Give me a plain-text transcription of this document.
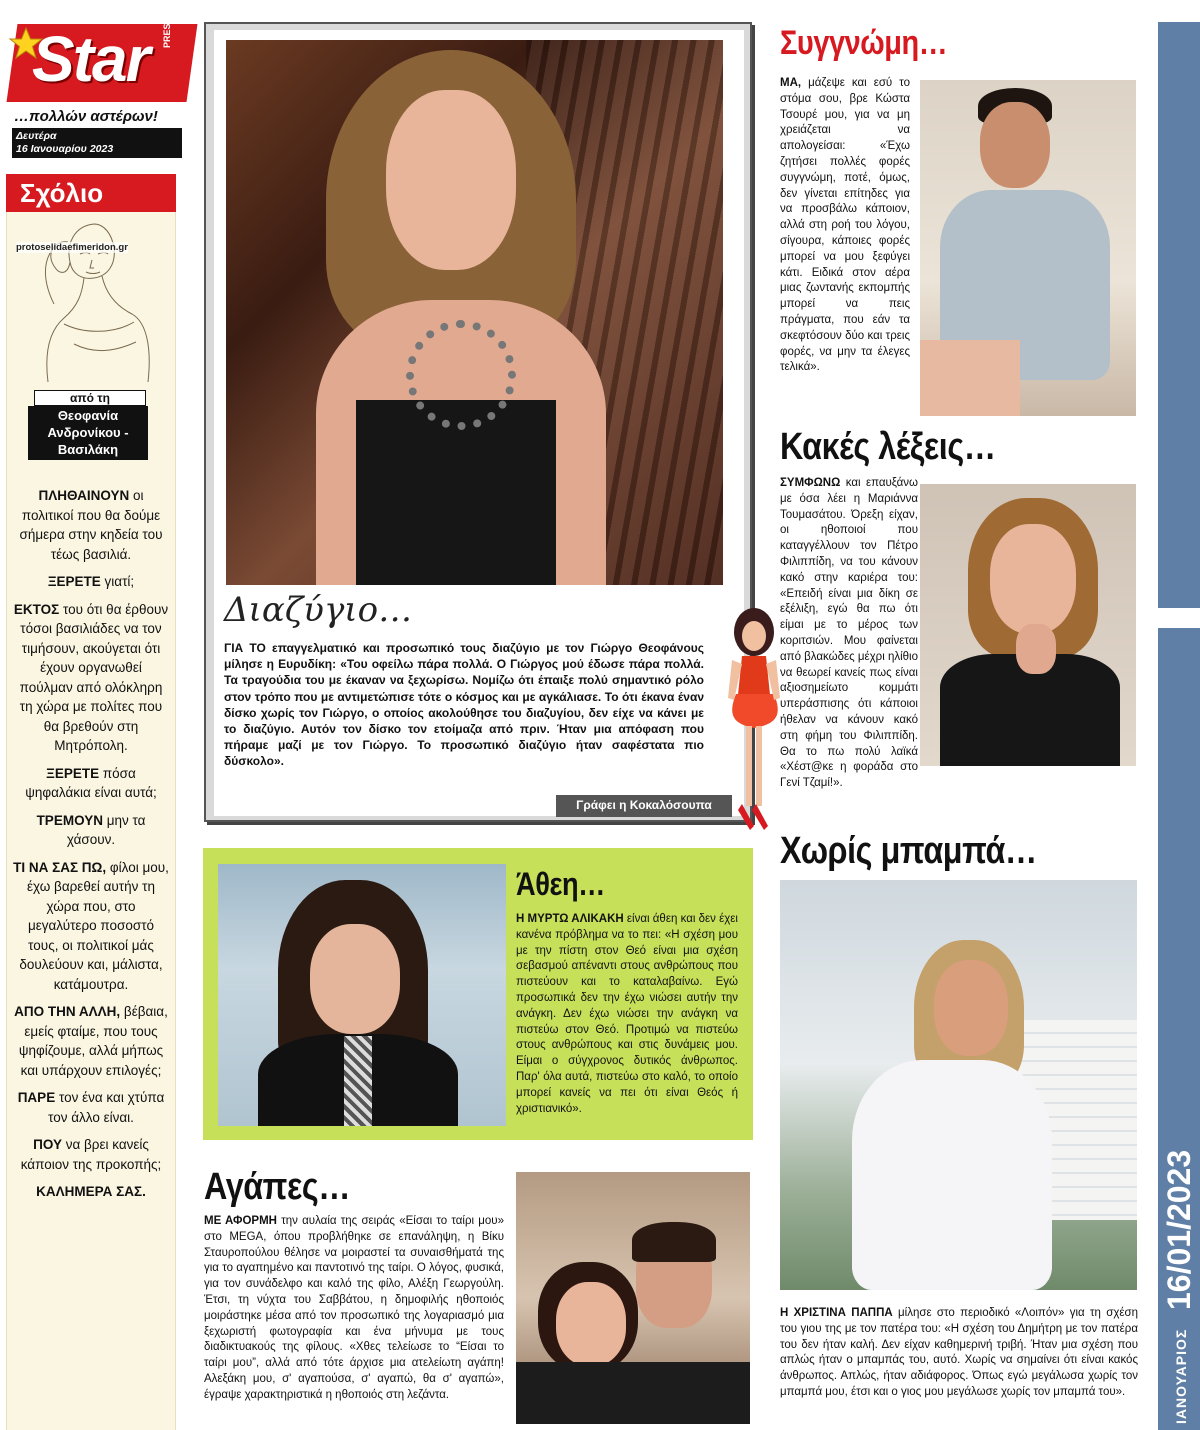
Star PRESS
…πολλών αστέρων!
Δευτέρα
16 Ιανουαρίου 2023
Σχόλιο
protoselidaefimeridon.gr
από τη
Θεοφανία
Ανδρονίκου -
Βασιλάκη

ΠΛΗΘΑΙΝΟΥΝ οι πολιτικοί που θα δούμε σήμερα στην κηδεία του τέως βασιλιά.

ΞΕΡΕΤΕ γιατί;

ΕΚΤΟΣ του ότι θα έρθουν τόσοι βασιλιάδες να τον τιμήσουν, ακούγεται ότι έχουν οργανωθεί πούλμαν από ολόκληρη τη χώρα με πολίτες που θα βρεθούν στη Μητρόπολη.

ΞΕΡΕΤΕ πόσα ψηφαλάκια είναι αυτά;

ΤΡΕΜΟΥΝ μην τα χάσουν.

ΤΙ ΝΑ ΣΑΣ ΠΩ, φίλοι μου, έχω βαρεθεί αυτήν τη χώρα που, στο μεγαλύτερο ποσοστό τους, οι πολιτικοί μάς δουλεύουν και, μάλιστα, κατάμουτρα.

ΑΠΟ ΤΗΝ ΑΛΛΗ, βέβαια, εμείς φταίμε, που τους ψηφίζουμε, αλλά μήπως και υπάρχουν επιλογές;

ΠΑΡΕ τον ένα και χτύπα τον άλλο είναι.

ΠΟΥ να βρει κανείς κάποιον της προκοπής;

ΚΑΛΗΜΕΡΑ ΣΑΣ.

Διαζύγιο…
ΓΙΑ ΤΟ επαγγελματικό και προσωπικό τους διαζύγιο με τον Γιώργο Θεοφάνους μίλησε η Ευρυδίκη: «Του οφείλω πάρα πολλά. Ο Γιώργος μού έδωσε πάρα πολλά. Τα τραγούδια του με έκαναν να ξεχωρίσω. Νομίζω ότι έπαιξε πολύ σημαντικό ρόλο στον τρόπο που με αντιμετώπισε τότε ο κόσμος και με αγκάλιασε. Το ότι έκανα έναν δίσκο χωρίς τον Γιώργο, ο οποίος ακολούθησε του διαζυγίου, δεν είχε να κάνει με το διαζύγιο. Αυτόν τον δίσκο τον ετοίμαζα από πριν. Ήταν μια απόφαση που πήραμε μαζί με τον Γιώργο. Το προσωπικό διαζύγιο ήταν σαφέστατα πιο δύσκολο».
Γράφει η Κοκαλόσουπα
Άθεη…
Η ΜΥΡΤΩ ΑΛΙΚΑΚΗ είναι άθεη και δεν έχει κανένα πρόβλημα να το πει: «Η σχέση μου με την πίστη στον Θεό είναι μια σχέση σεβασμού απέναντι στους ανθρώπους που πιστεύουν και το καταλαβαίνω. Εγώ προσωπικά δεν την έχω νιώσει αυτήν την ανάγκη. Δεν έχω νιώσει την ανάγκη να πιστεύω στον Θεό. Προτιμώ να πιστεύω στους ανθρώπους και στις δυνάμεις μου. Είμαι ο σύγχρονος δυτικός άνθρωπος. Παρ' όλα αυτά, πιστεύω στο καλό, το οποίο μπορεί κανείς να πει ότι είναι Θεός ή χριστιανικό».
Αγάπες…
ΜΕ ΑΦΟΡΜΗ την αυλαία της σειράς «Είσαι το ταίρι μου» στο MEGA, όπου προβλήθηκε σε επανάληψη, η Βίκυ Σταυροπούλου θέλησε να μοιραστεί τα συναισθήματά της για το αγαπημένο και παντοτινό της ταίρι. Ο λόγος, φυσικά, για τον συνάδελφο και καλό της φίλο, Αλέξη Γεωργούλη. Έτσι, τη νύχτα του Σαββάτου, η δημοφιλής ηθοποιός μοιράστηκε μέσα από τον προσωπικό της λογαριασμό μια ξεχωριστή φωτογραφία και ένα μήνυμα με τους διαδικτυακούς της φίλους. «Χθες τελείωσε το “Είσαι το ταίρι μου”, αλλά από τότε άρχισε μια ατελείωτη αγάπη! Αλεξάκη μου, σ' αγαπούσα, σ' αγαπώ, θα σ' αγαπώ», έγραψε χαρακτηριστικά η ηθοποιός στη λεζάντα.
Συγγνώμη…
ΜΑ, μάζεψε και εσύ το στόμα σου, βρε Κώστα Τσουρέ μου, για να μη χρειάζεται να απολογείσαι: «Έχω ζητήσει πολλές φορές συγγνώμη, ποτέ, όμως, δεν γίνεται επίτηδες για να προσβάλω κάποιον, αλλά στη ροή του λόγου, σίγουρα, κάποιες φορές μπορεί να μου ξεφύγει κάτι. Ειδικά στον αέρα μιας ζωντανής εκπομπής μπορεί να πεις πράγματα, που εάν τα σκεφτόσουν δύο και τρεις φορές, να μην τα έλεγες τελικά».
Κακές λέξεις…
ΣΥΜΦΩΝΩ και επαυξάνω με όσα λέει η Μαριάννα Τουμασάτου. Όρεξη είχαν, οι ηθοποιοί που καταγγέλλουν τον Πέτρο Φιλιππίδη, να του κάνουν κακό στην καριέρα του: «Επειδή είναι μια δίκη σε εξέλιξη, εγώ θα πω ότι είμαι με το μέρος των κοριτσιών. Μου φαίνεται από βλακώδες μέχρι ηλίθιο να θεωρεί κανείς πως είναι αξιοσημείωτο κομμάτι υπεράσπισης ότι κάποιοι ήθελαν να κάνουν κακό στη φήμη του Φιλιππίδη. Θα το πω πολύ λαϊκά «Χέστ@κε η φοράδα στο Γενί Τζαμί!».
Χωρίς μπαμπά…
Η ΧΡΙΣΤΙΝΑ ΠΑΠΠΑ μίλησε στο περιοδικό «Λοιπόν» για τη σχέση του γιου της με τον πατέρα του: «Η σχέση του Δημήτρη με τον πατέρα του δεν ήταν καλή. Δεν είχαν καθημερινή τριβή. Ήταν μια σχέση που απλώς ήταν ο μπαμπάς του, αυτό. Χωρίς να σημαίνει ότι είναι κακός άνθρωπος. Απλώς, ήταν αδιάφορος. Όπως εγώ μεγάλωσα χωρίς τον μπαμπά μου, έτσι και ο γιος μου μεγάλωσε χωρίς τον μπαμπά του».
16/01/2023
ΙΑΝΟΥΑΡΙΟΣ
